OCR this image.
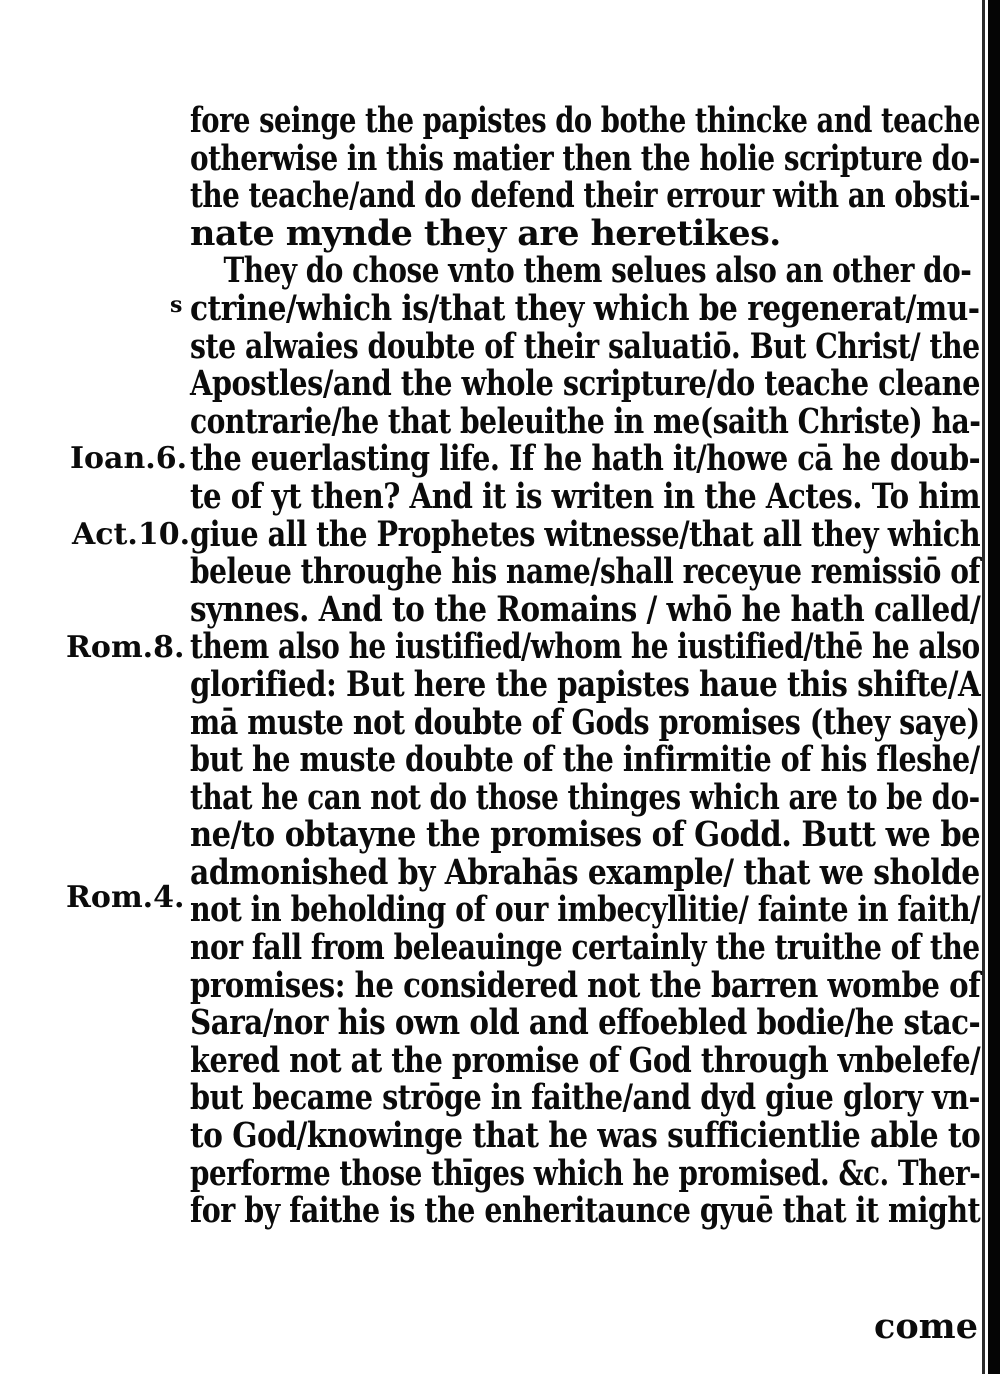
s
Ioan.6.
Act.10.
Rom.8.
Rom.4.
fore seinge the papistes do bothe thincke and teache
otherwise in this matier then the holie scripture do-
the teache/and do defend their errour with an obsti-
nate mynde they are heretikes.
They do chose vnto them selues also an other do-
ctrine/which is/that they which be regenerat/mu-
ste alwaies doubte of their saluatiō. But Christ/ the
Apostles/and the whole scripture/do teache cleane
contrarie/he that beleuithe in me(saith Christe) ha-
the euerlasting life. If he hath it/howe cā he doub-
te of yt then? And it is writen in the Actes. To him
giue all the Prophetes witnesse/that all they which
beleue throughe his name/shall receyue remissiō of
synnes. And to the Romains / whō he hath called/
them also he iustified/whom he iustified/thē he also
glorified: But here the papistes haue this shifte/A
mā muste not doubte of Gods promises (they saye)
but he muste doubte of the infirmitie of his fleshe/
that he can not do those thinges which are to be do-
ne/to obtayne the promises of Godd. Butt we be
admonished by Abrahās example/ that we sholde
not in beholding of our imbecyllitie/ fainte in faith/
nor fall from beleauinge certainly the truithe of the
promises: he considered not the barren wombe of
Sara/nor his own old and effoebled bodie/he stac-
kered not at the promise of God through vnbelefe/
but became strōge in faithe/and dyd giue glory vn-
to God/knowinge that he was sufficientlie able to
performe those thīges which he promised. &c. Ther-
for by faithe is the enheritaunce gyuē that it might
come
